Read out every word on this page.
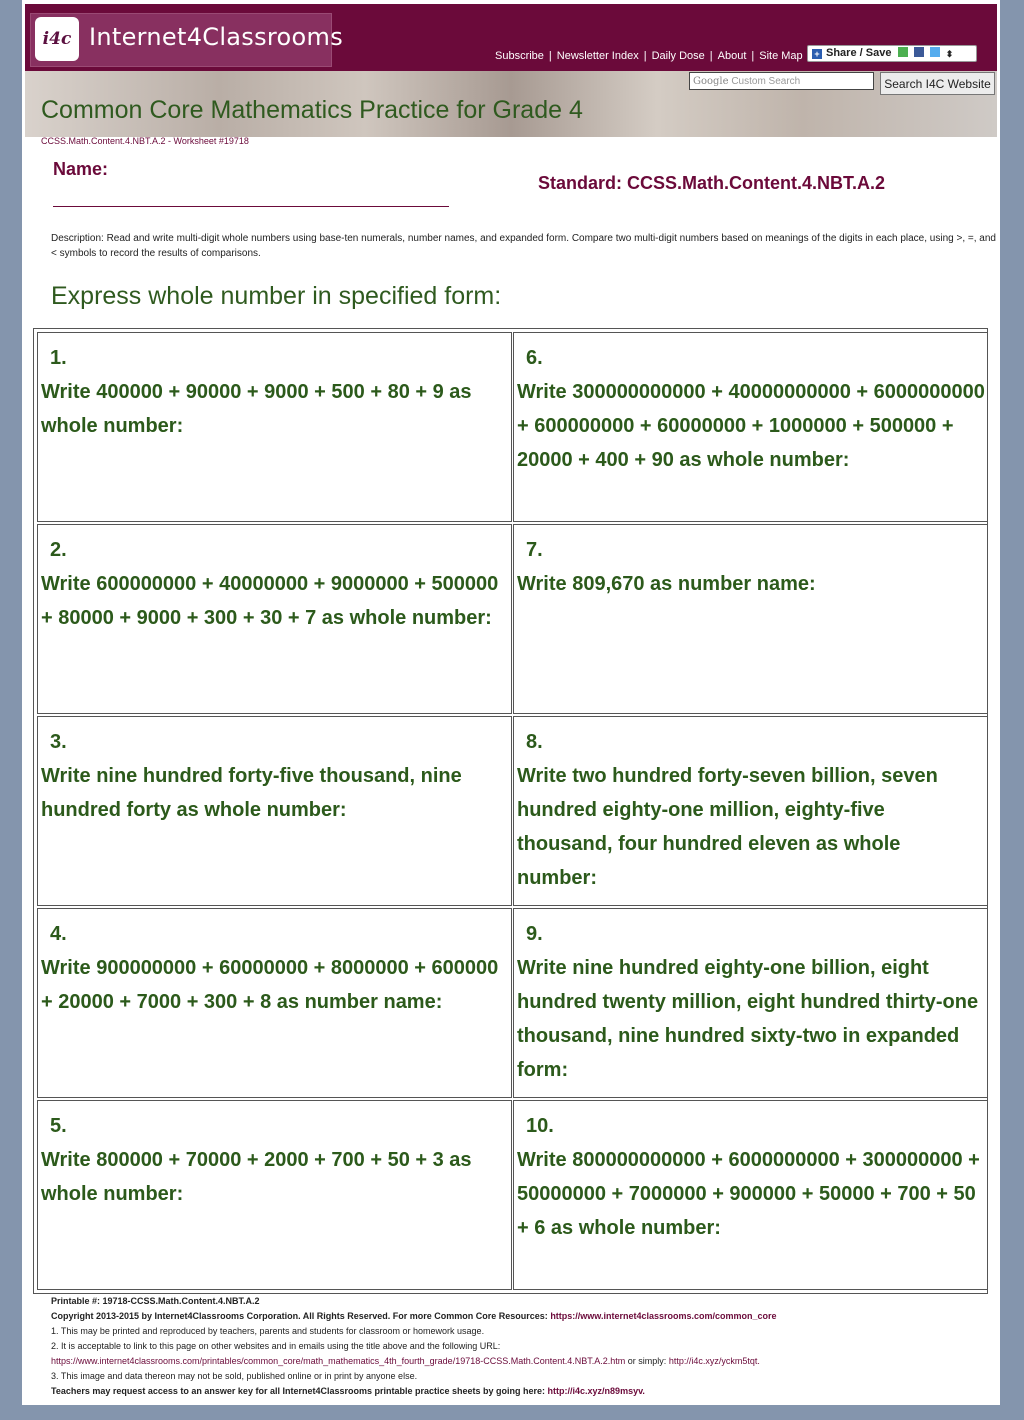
i4c Internet4Classrooms
Subscribe | Newsletter Index | Daily Dose | About | Site Map	+ Share / Save	⬍
Google Custom Search	Search I4C Website
Common Core Mathematics Practice for Grade 4
CCSS.Math.Content.4.NBT.A.2 - Worksheet #19718
Name:
Standard: CCSS.Math.Content.4.NBT.A.2
Description: Read and write multi-digit whole numbers using base-ten numerals, number names, and expanded form. Compare two multi-digit numbers based on meanings of the digits in each place, using >, =, and < symbols to record the results of comparisons.
Express whole number in specified form:
1.
Write 400000 + 90000 + 9000 + 500 + 80 + 9 as whole number:
6.
Write 300000000000 + 40000000000 + 6000000000 + 600000000 + 60000000 + 1000000 + 500000 + 20000 + 400 + 90 as whole number:
2.
Write 600000000 + 40000000 + 9000000 + 500000 + 80000 + 9000 + 300 + 30 + 7 as whole number:
7.
Write 809,670 as number name:
3.
Write nine hundred forty-five thousand, nine hundred forty as whole number:
8.
Write two hundred forty-seven billion, seven hundred eighty-one million, eighty-five thousand, four hundred eleven as whole number:
4.
Write 900000000 + 60000000 + 8000000 + 600000 + 20000 + 7000 + 300 + 8 as number name:
9.
Write nine hundred eighty-one billion, eight hundred twenty million, eight hundred thirty-one thousand, nine hundred sixty-two in expanded form:
5.
Write 800000 + 70000 + 2000 + 700 + 50 + 3 as whole number:
10.
Write 800000000000 + 6000000000 + 300000000 + 50000000 + 7000000 + 900000 + 50000 + 700 + 50 + 6 as whole number:
Printable #: 19718-CCSS.Math.Content.4.NBT.A.2
Copyright 2013-2015 by Internet4Classrooms Corporation. All Rights Reserved. For more Common Core Resources: https://www.internet4classrooms.com/common_core
1. This may be printed and reproduced by teachers, parents and students for classroom or homework usage.
2. It is acceptable to link to this page on other websites and in emails using the title above and the following URL:
https://www.internet4classrooms.com/printables/common_core/math_mathematics_4th_fourth_grade/19718-CCSS.Math.Content.4.NBT.A.2.htm or simply: http://i4c.xyz/yckm5tqt.
3. This image and data thereon may not be sold, published online or in print by anyone else.
Teachers may request access to an answer key for all Internet4Classrooms printable practice sheets by going here: http://i4c.xyz/n89msyv.
